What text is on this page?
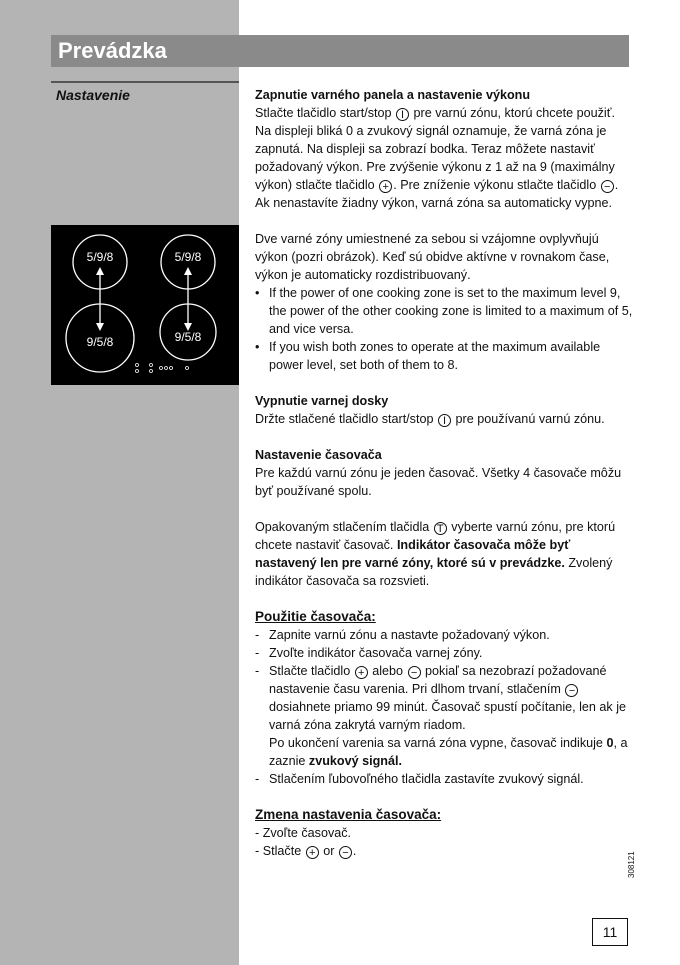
Prevádzka
Nastavenie
5/9/8	5/9/8
9/5/8	9/5/8

Zapnutie varného panela a nastavenie výkonu

Stlačte tlačidlo start/stop I pre varnú zónu, ktorú chcete použiť. Na displeji bliká 0 a zvukový signál oznamuje, že varná zóna je zapnutá. Na displeji sa zobrazí bodka. Teraz môžete nastaviť požadovaný výkon. Pre zvýšenie výkonu z 1 až na 9 (maximálny výkon) stlačte tlačidlo + . Pre zníženie výkonu stlačte tlačidlo − . Ak nenastavíte žiadny výkon, varná zóna sa automaticky vypne.

Dve varné zóny umiestnené za sebou si vzájomne ovplyvňujú výkon (pozri obrázok). Keď sú obidve aktívne v rovnakom čase, výkon je automaticky rozdistribuovaný.

• If the power of one cooking zone is set to the maximum level 9, the power of the other cooking zone is limited to a maximum of 5, and vice versa.
• If you wish both zones to operate at the maximum available power level, set both of them to 8.

Vypnutie varnej dosky

Držte stlačené tlačidlo start/stop I pre používanú varnú zónu.

Nastavenie časovača

Pre každú varnú zónu je jeden časovač. Všetky 4 časovače môžu byť používané spolu.

Opakovaným stlačením tlačidla T vyberte varnú zónu, pre ktorú chcete nastaviť časovač. Indikátor časovača môže byť nastavený len pre varné zóny, ktoré sú v prevádzke. Zvolený indikátor časovača sa rozsvieti.

Použitie časovača:

- Zapnite varnú zónu a nastavte požadovaný výkon.
- Zvoľte indikátor časovača varnej zóny.
- Stlačte tlačidlo + alebo − pokiaľ sa nezobrazí požadované nastavenie času varenia. Pri dlhom trvaní, stlačením − dosiahnete priamo 99 minút. Časovač spustí počítanie, len ak je varná zóna zakrytá varným riadom.
Po ukončení varenia sa varná zóna vypne, časovač indikuje 0, a zaznie zvukový signál.
- Stlačením ľubovoľného tlačidla zastavíte zvukový signál.

Zmena nastavenia časovača:

- Zvoľte časovač.

- Stlačte + or − .

308121
11
